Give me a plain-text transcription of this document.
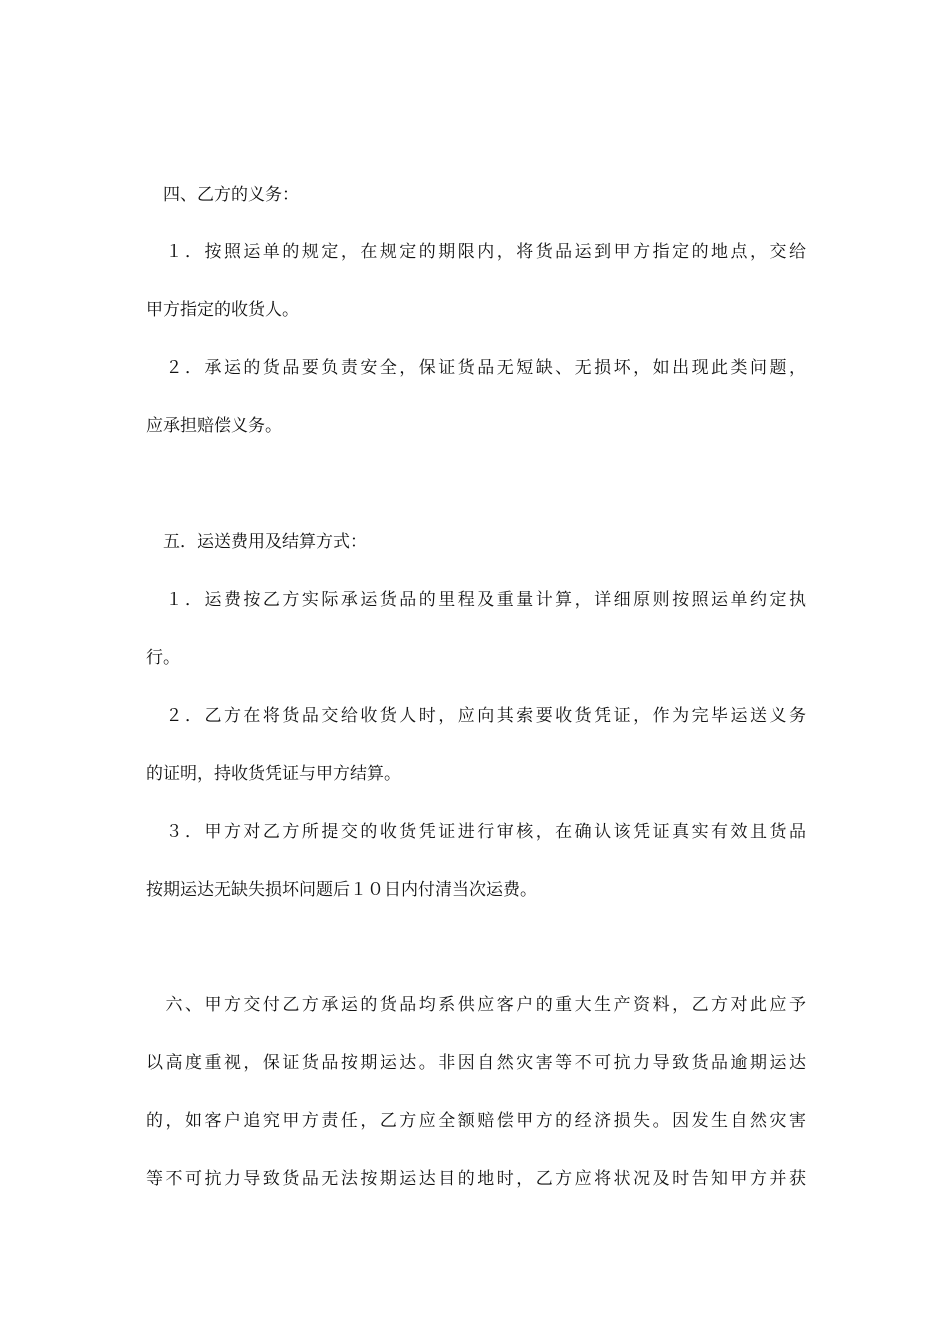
　四、乙方的义务：
　１．按照运单的规定，在规定的期限内，将货品运到甲方指定的地点，交给
甲方指定的收货人。
　２．承运的货品要负责安全，保证货品无短缺、无损坏，如出现此类问题，
应承担赔偿义务。
　五．运送费用及结算方式：
　１．运费按乙方实际承运货品的里程及重量计算，详细原则按照运单约定执
行。
　２．乙方在将货品交给收货人时，应向其索要收货凭证，作为完毕运送义务
的证明，持收货凭证与甲方结算。
　３．甲方对乙方所提交的收货凭证进行审核，在确认该凭证真实有效且货品
按期运达无缺失损坏问题后１０日内付清当次运费。
　六、甲方交付乙方承运的货品均系供应客户的重大生产资料，乙方对此应予
以高度重视，保证货品按期运达。非因自然灾害等不可抗力导致货品逾期运达
的，如客户追究甲方责任，乙方应全额赔偿甲方的经济损失。因发生自然灾害
等不可抗力导致货品无法按期运达目的地时，乙方应将状况及时告知甲方并获
